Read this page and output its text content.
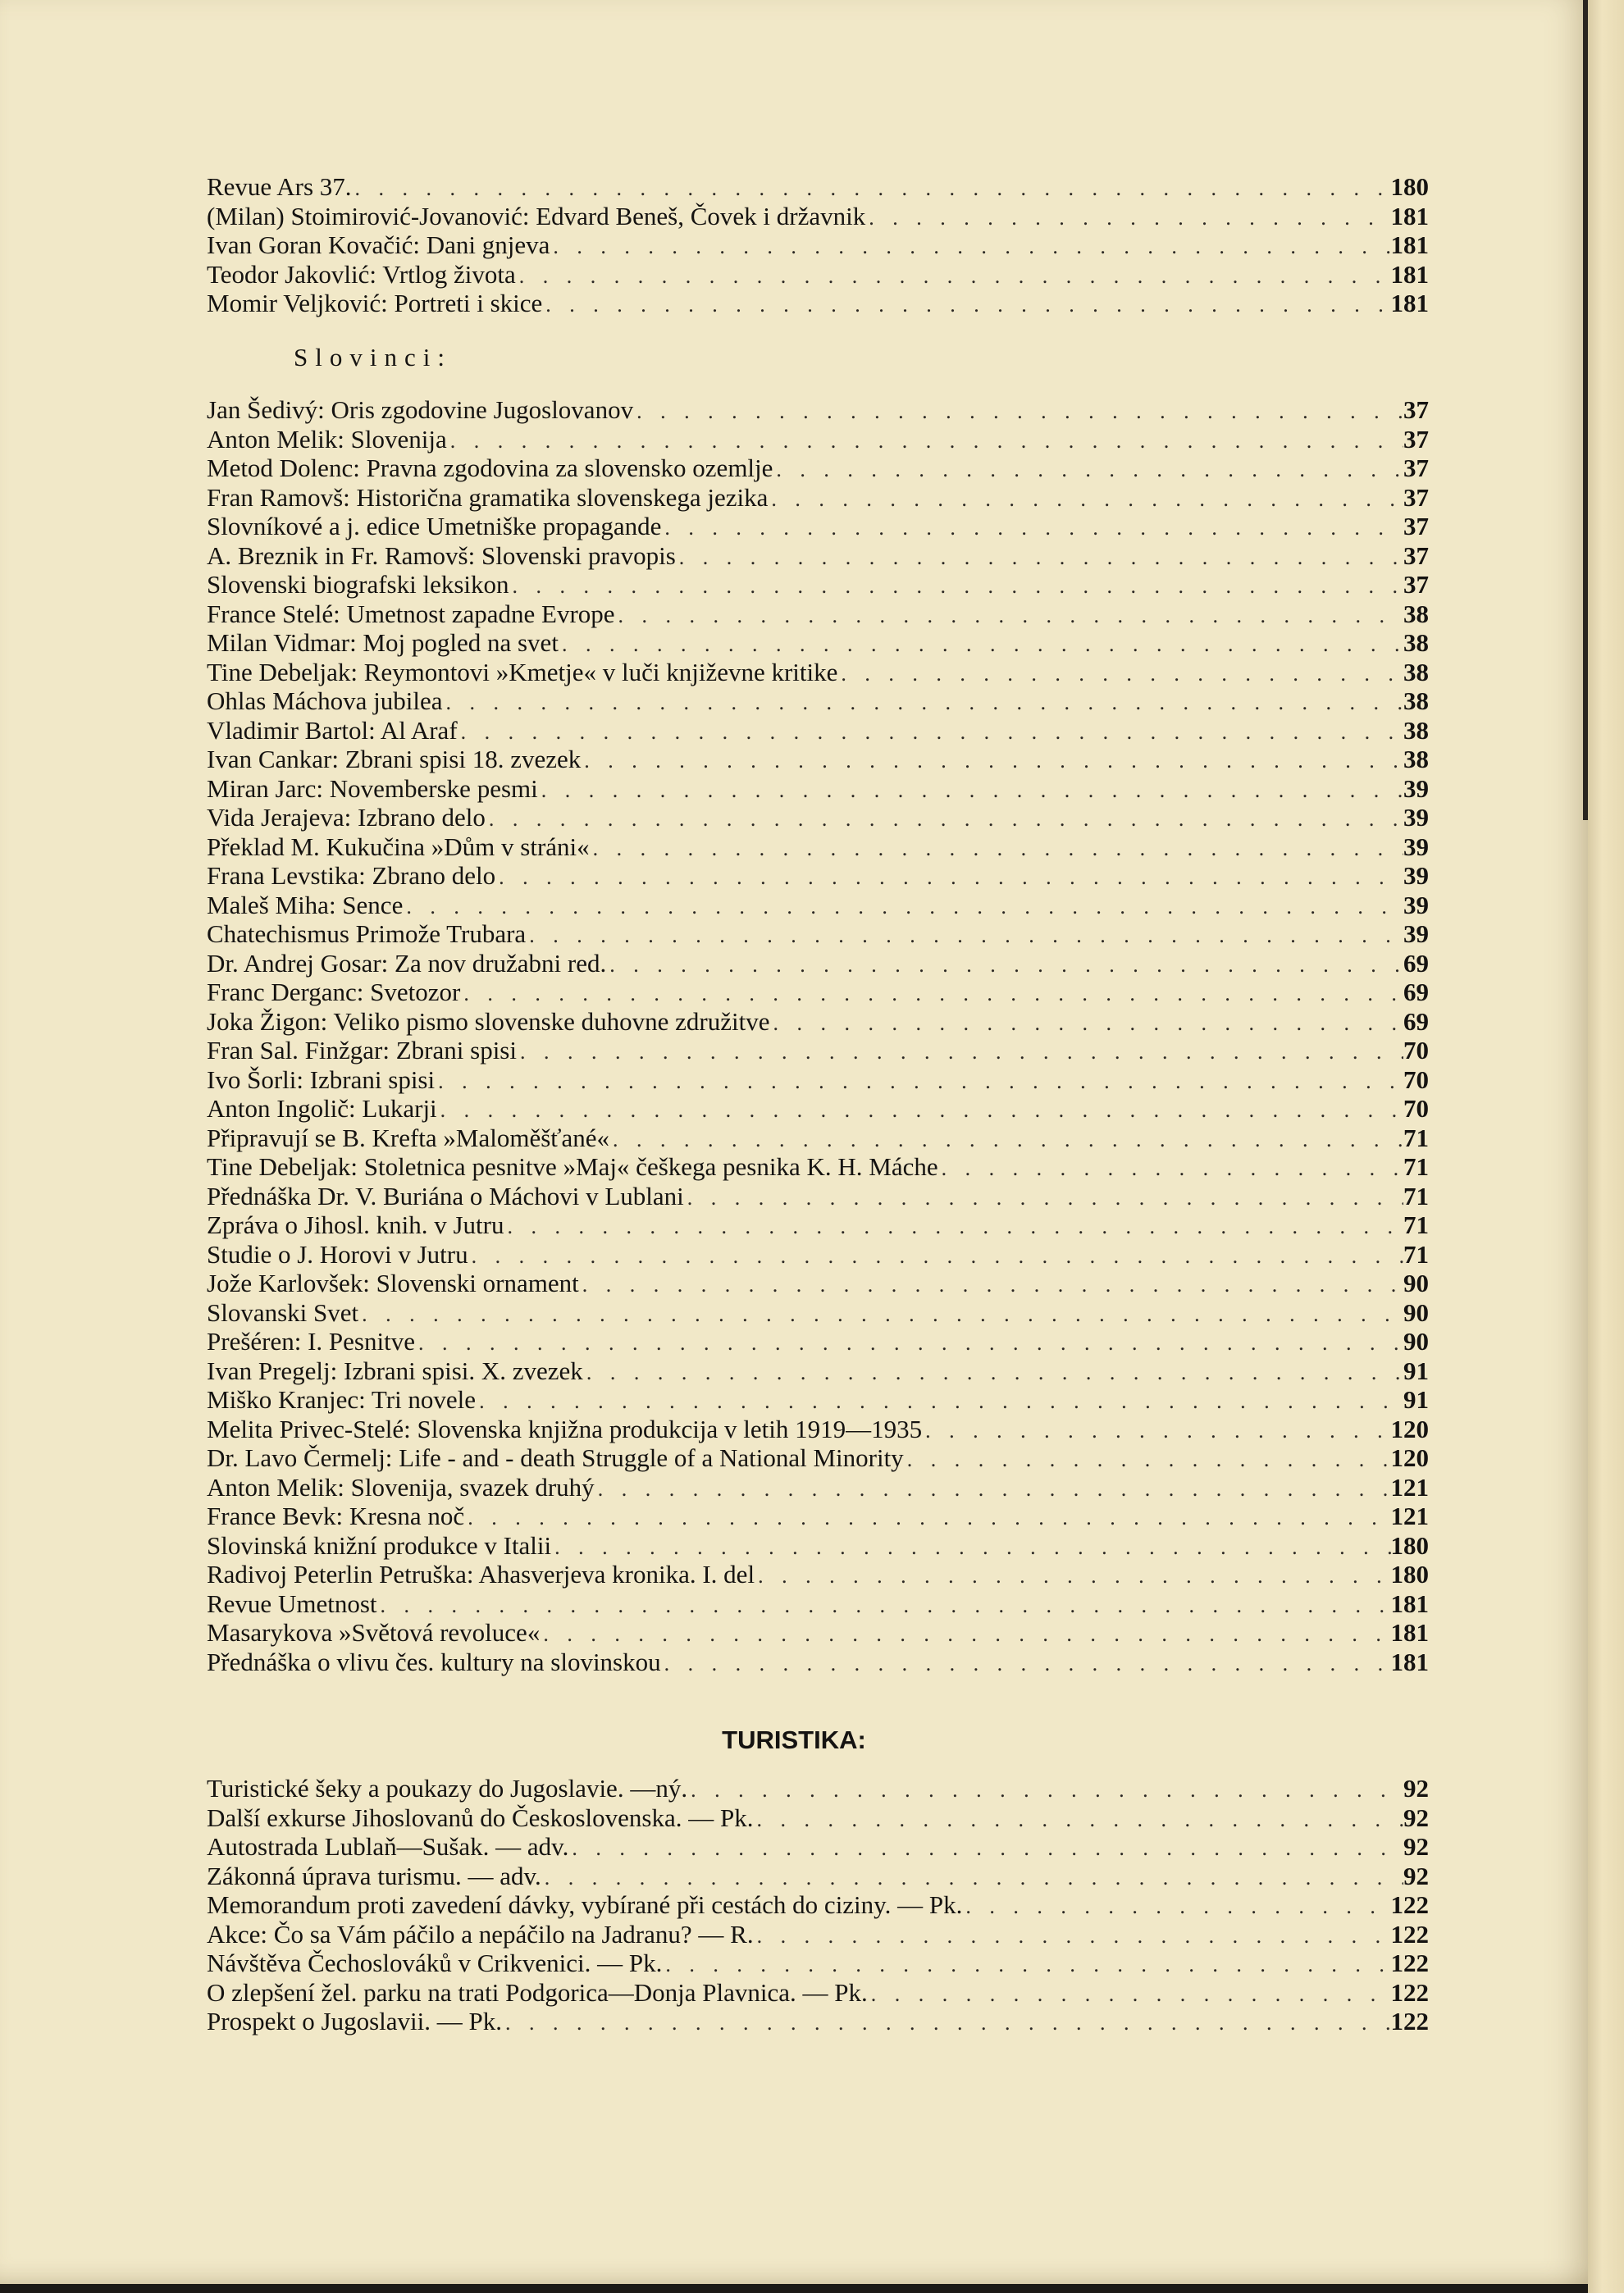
Revue Ars 37. . . .	180
(Milan) Stoimirović-Jovanović: Edvard Beneš, Čovek i državnik . . .	181
Ivan Goran Kovačić: Dani gnjeva . . .	181
Teodor Jakovlić: Vrtlog života . . .	181
Momir Veljković: Portreti i skice . . .	181
Slovinci:
Jan Šedivý: Oris zgodovine Jugoslovanov . . .	37
Anton Melik: Slovenija . . .	37
Metod Dolenc: Pravna zgodovina za slovensko ozemlje . . .	37
Fran Ramovš: Historična gramatika slovenskega jezika . . .	37
Slovníkové a j. edice Umetniške propagande . . .	37
A. Breznik in Fr. Ramovš: Slovenski pravopis . . .	37
Slovenski biografski leksikon . . .	37
France Stelé: Umetnost zapadne Evrope . . .	38
Milan Vidmar: Moj pogled na svet . . .	38
Tine Debeljak: Reymontovi »Kmetje« v luči književne kritike . . .	38
Ohlas Máchova jubilea . . .	38
Vladimir Bartol: Al Araf . . .	38
Ivan Cankar: Zbrani spisi 18. zvezek . . .	38
Miran Jarc: Novemberske pesmi . . .	39
Vida Jerajeva: Izbrano delo . . .	39
Překlad M. Kukučina »Dům v stráni« . . .	39
Frana Levstika: Zbrano delo . . .	39
Maleš Miha: Sence . . .	39
Chatechismus Primože Trubara . . .	39
Dr. Andrej Gosar: Za nov družabni red. . . .	69
Franc Derganc: Svetozor . . .	69
Joka Žigon: Veliko pismo slovenske duhovne združitve . . .	69
Fran Sal. Finžgar: Zbrani spisi . . .	70
Ivo Šorli: Izbrani spisi . . .	70
Anton Ingolič: Lukarji . . .	70
Připravují se B. Krefta »Maloměšťané« . . .	71
Tine Debeljak: Stoletnica pesnitve »Maj« češkega pesnika K. H. Máche . . .	71
Přednáška Dr. V. Buriána o Máchovi v Lublani . . .	71
Zpráva o Jihosl. knih. v Jutru . . .	71
Studie o J. Horovi v Jutru . . .	71
Jože Karlovšek: Slovenski ornament . . .	90
Slovanski Svet . . .	90
Prešéren: I. Pesnitve . . .	90
Ivan Pregelj: Izbrani spisi. X. zvezek . . .	91
Miško Kranjec: Tri novele . . .	91
Melita Privec-Stelé: Slovenska knjižna produkcija v letih 1919—1935 . . .	120
Dr. Lavo Čermelj: Life - and - death Struggle of a National Minority . . .	120
Anton Melik: Slovenija, svazek druhý . . .	121
France Bevk: Kresna noč . . .	121
Slovinská knižní produkce v Italii . . .	180
Radivoj Peterlin Petruška: Ahasverjeva kronika. I. del . . .	180
Revue Umetnost . . .	181
Masarykova »Světová revoluce« . . .	181
Přednáška o vlivu čes. kultury na slovinskou . . .	181
TURISTIKA:
Turistické šeky a poukazy do Jugoslavie. —ný. . . .	92
Další exkurse Jihoslovanů do Československa. — Pk. . . .	92
Autostrada Lublaň—Sušak. — adv. . . .	92
Zákonná úprava turismu. — adv. . . .	92
Memorandum proti zavedení dávky, vybírané při cestách do ciziny. — Pk. . . .	122
Akce: Čo sa Vám páčilo a nepáčilo na Jadranu? — R. . . .	122
Návštěva Čechoslováků v Crikvenici. — Pk. . . .	122
O zlepšení žel. parku na trati Podgorica—Donja Plavnica. — Pk. . . .	122
Prospekt o Jugoslavii. — Pk. . . .	122
